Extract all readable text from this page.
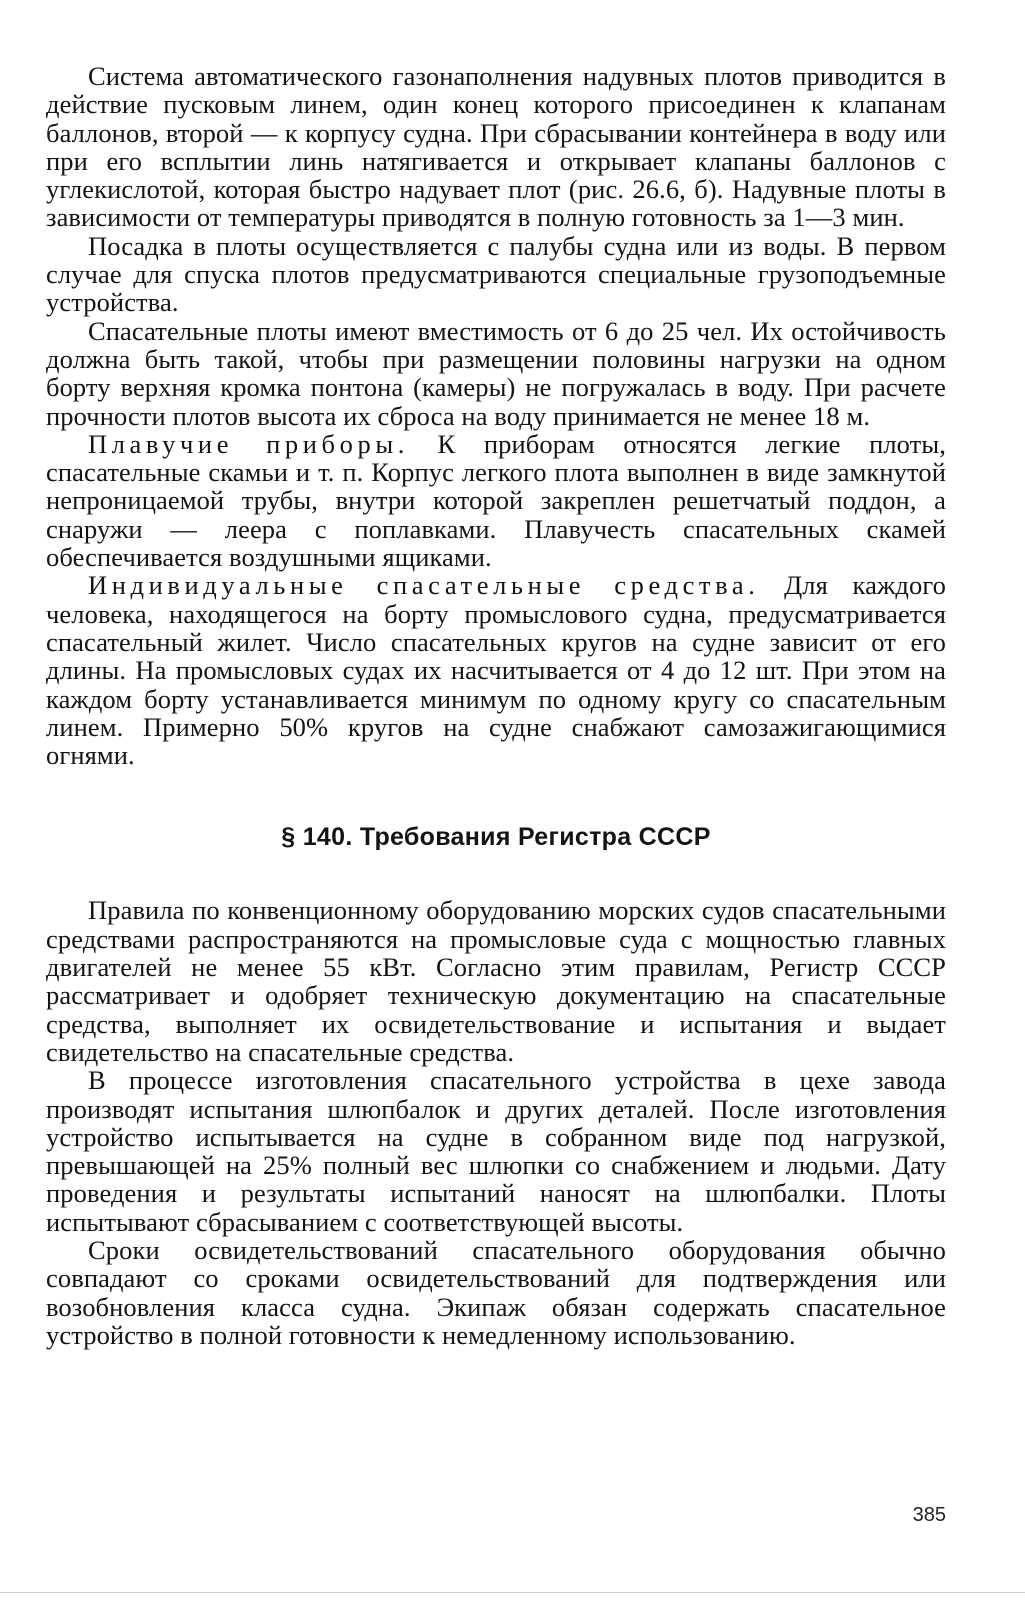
Система автоматического газонаполнения надувных плотов приводится в действие пусковым линем, один конец которого присоединен к клапанам баллонов, второй — к корпусу судна. При сбрасывании контейнера в воду или при его всплытии линь натягивается и открывает клапаны баллонов с углекислотой, которая быстро надувает плот (рис. 26.6, б). Надувные плоты в зависимости от температуры приводятся в полную готовность за 1—3 мин.

Посадка в плоты осуществляется с палубы судна или из воды. В первом случае для спуска плотов предусматриваются специальные грузоподъемные устройства.

Спасательные плоты имеют вместимость от 6 до 25 чел. Их остойчивость должна быть такой, чтобы при размещении половины нагрузки на одном борту верхняя кромка понтона (камеры) не погружалась в воду. При расчете прочности плотов высота их сброса на воду принимается не менее 18 м.

Плавучие приборы. К приборам относятся легкие плоты, спасательные скамьи и т. п. Корпус легкого плота выполнен в виде замкнутой непроницаемой трубы, внутри которой закреплен решетчатый поддон, а снаружи — леера с поплавками. Плавучесть спасательных скамей обеспечивается воздушными ящиками.

Индивидуальные спасательные средства. Для каждого человека, находящегося на борту промыслового судна, предусматривается спасательный жилет. Число спасательных кругов на судне зависит от его длины. На промысловых судах их насчитывается от 4 до 12 шт. При этом на каждом борту устанавливается минимум по одному кругу со спасательным линем. Примерно 50% кругов на судне снабжают самозажигающимися огнями.

§ 140. Требования Регистра СССР

Правила по конвенционному оборудованию морских судов спасательными средствами распространяются на промысловые суда с мощностью главных двигателей не менее 55 кВт. Согласно этим правилам, Регистр СССР рассматривает и одобряет техническую документацию на спасательные средства, выполняет их освидетельствование и испытания и выдает свидетельство на спасательные средства.

В процессе изготовления спасательного устройства в цехе завода производят испытания шлюпбалок и других деталей. После изготовления устройство испытывается на судне в собранном виде под нагрузкой, превышающей на 25% полный вес шлюпки со снабжением и людьми. Дату проведения и результаты испытаний наносят на шлюпбалки. Плоты испытывают сбрасыванием с соответствующей высоты.

Сроки освидетельствований спасательного оборудования обычно совпадают со сроками освидетельствований для подтверждения или возобновления класса судна. Экипаж обязан содержать спасательное устройство в полной готовности к немедленному использованию.

385
